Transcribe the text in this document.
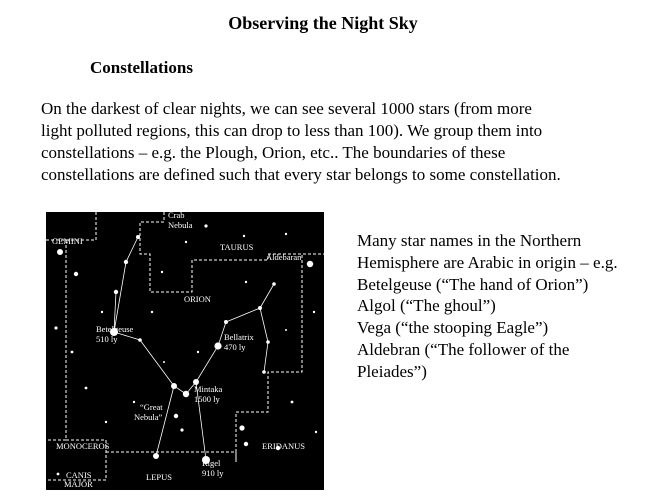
Observing the Night Sky
Constellations

On the darkest of clear nights, we can see several 1000 stars (from more
light polluted regions, this can drop to less than 100). We group them into
constellations – e.g. the Plough, Orion, etc.. The boundaries of these
constellations are defined such that every star belongs to some constellation.

Crab
Nebula
GEMINI
TAURUS
Aldebaran
ORION
Betelgeuse
510 ly	Bellatrix
470 ly
Mintaka
1500 ly
“Great
Nebula”
MONOCEROS	ERIDANUS
Rigel
910 ly
LEPUS
CANIS
MAJOR
Many star names in the Northern
Hemisphere are Arabic in origin – e.g.
Betelgeuse (“The hand of Orion”)
Algol (“The ghoul”)
Vega (“the stooping Eagle”)
Aldebran (“The follower of the
Pleiades”)
